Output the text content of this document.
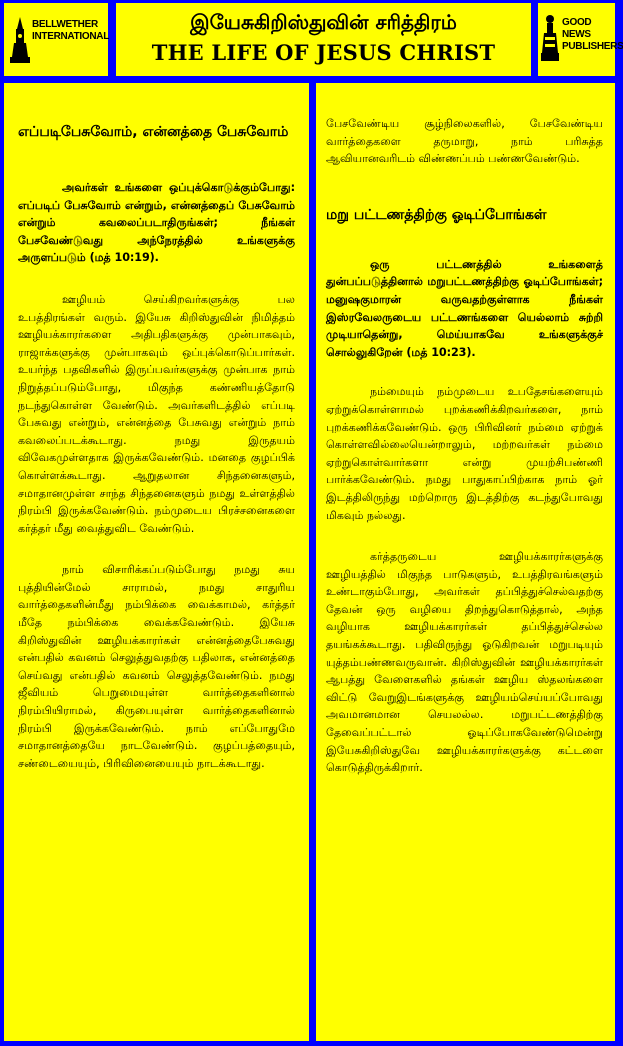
BELLWETHER INTERNATIONAL
இயேசுகிறிஸ்துவின் சரித்திரம்
THE LIFE OF JESUS CHRIST
GOOD NEWS PUBLISHERS
எப்படிபேசுவோம், என்னத்தை பேசுவோம்

அவர்கள் உங்களை ஒப்புக்கொடுக்கும்போது: எப்படிப் பேசுவோம் என்றும், என்னத்தைப் பேசுவோம் என்றும் கவலைப்படாதிருங்கள்; நீங்கள் பேசவேண்டுவது அந்நேரத்தில் உங்களுக்கு அருளப்படும் (மத் 10:19).

ஊழியம் செய்கிறவர்களுக்கு பல உபத்திரங்கள் வரும். இயேசு கிறிஸ்துவின் நிமித்தம் ஊழியக்காரர்களை அதிபதிகளுக்கு முன்பாகவும், ராஜாக்களுக்கு முன்பாகவும் ஒப்புக்கொடுப்பார்கள். உயர்ந்த பதவிகளில் இருப்பவர்களுக்கு முன்பாக நாம் நிறுத்தப்படும்போது, மிகுந்த கண்ணியத்தோடு நடந்துகொள்ள வேண்டும். அவர்களிடத்தில் எப்படி பேசுவது என்றும், என்னத்தை பேசுவது என்றும் நாம் கவலைப்படக்கூடாது. நமது இருதயம் விவேகமுள்ளதாக இருக்கவேண்டும். மனதை குழப்பிக் கொள்ளக்கூடாது. ஆறுதலான சிந்தனைகளும், சமாதானமுள்ள சாந்த சிந்தனைகளும் நமது உள்ளத்தில் நிரம்பி இருக்கவேண்டும். நம்முடைய பிரச்சனைகளை கர்த்தர் மீது வைத்துவிட வேண்டும்.

நாம் விசாரிக்கப்படும்போது நமது சுய புத்தியின்மேல் சாராமல், நமது சாதுரிய வார்த்தைகளின்மீது நம்பிக்கை வைக்காமல், கர்த்தர் மீதே நம்பிக்கை வைக்கவேண்டும். இயேசு கிறிஸ்துவின் ஊழியக்காரர்கள் என்னத்தைபேசுவது என்பதில் கவனம் செலுத்துவதற்கு பதிலாக, என்னத்தை செய்வது என்பதில் கவனம் செலுத்தவேண்டும். நமது ஜீவியம் பெறுமையுள்ள வார்த்தைகளினால் நிரம்பியிராமல், கிருபையுள்ள வார்த்தைகளினால் நிரம்பி இருக்கவேண்டும். நாம் எப்போதுமே சமாதானத்தையே நாடவேண்டும். குழப்பத்தையும், சண்டையையும், பிரிவினையையும் நாடக்கூடாது.

பேசவேண்டிய சூழ்நிலைகளில், பேசவேண்டிய வார்த்தைகளை தருமாறு, நாம் பரிசுத்த ஆவியானவரிடம் விண்ணப்பம் பண்ணவேண்டும்.

மறு பட்டணத்திற்கு ஓடிப்போங்கள்

ஒரு பட்டணத்தில் உங்களைத் துன்பப்படுத்தினால் மறுபட்டணத்திற்கு ஓடிப்போங்கள்; மனுஷகுமாரன் வருவதற்குள்ளாக நீங்கள் இஸ்ரவேலருடைய பட்டணங்களை யெல்லாம் சுற்றி முடியாதென்று, மெய்யாகவே உங்களுக்குச் சொல்லுகிறேன் (மத் 10:23).

நம்மையும் நம்முடைய உபதேசங்களையும் ஏற்றுக்கொள்ளாமல் புறக்கணிக்கிறவர்களை, நாம் புறக்கணிக்கவேண்டும். ஒரு பிரிவினர் நம்மை ஏற்றுக் கொள்ளவில்லையென்றாலும், மற்றவர்கள் நம்மை ஏற்றுகொள்வார்களா என்று முயற்சிபண்ணி பார்க்கவேண்டும். நமது பாதுகாப்பிற்காக நாம் ஓர் இடத்திலிருந்து மற்றொரு இடத்திற்கு கடந்துபோவது மிகவும் நல்லது.

கர்த்தருடைய ஊழியக்காரர்களுக்கு ஊழியத்தில் மிகுந்த பாடுகளும், உபத்திரவங்களும் உண்டாகும்போது, அவர்கள் தப்பித்துச்செல்வதற்கு தேவன் ஒரு வழியை திறந்துகொடுத்தால், அந்த வழியாக ஊழியக்காரர்கள் தப்பித்துச்செல்ல தயங்கக்கூடாது. பதிவிருந்து ஓடுகிறவன் மறுபடியும் யுத்தம்பண்ணவருவான். கிறிஸ்துவின் ஊழியக்காரர்கள் ஆபத்து வேளைகளில் தங்கள் ஊழிய ஸ்தலங்களை விட்டு வேறுஇடங்களுக்கு ஊழியம்செய்யப்போவது அவமானமான செயலல்ல. மறுபட்டணத்திற்கு தேவைப்பட்டால் ஓடிப்போகவேண்டுமென்று இயேசுகிறிஸ்துவே ஊழியக்காரர்களுக்கு கட்டளை கொடுத்திருக்கிறார்.
